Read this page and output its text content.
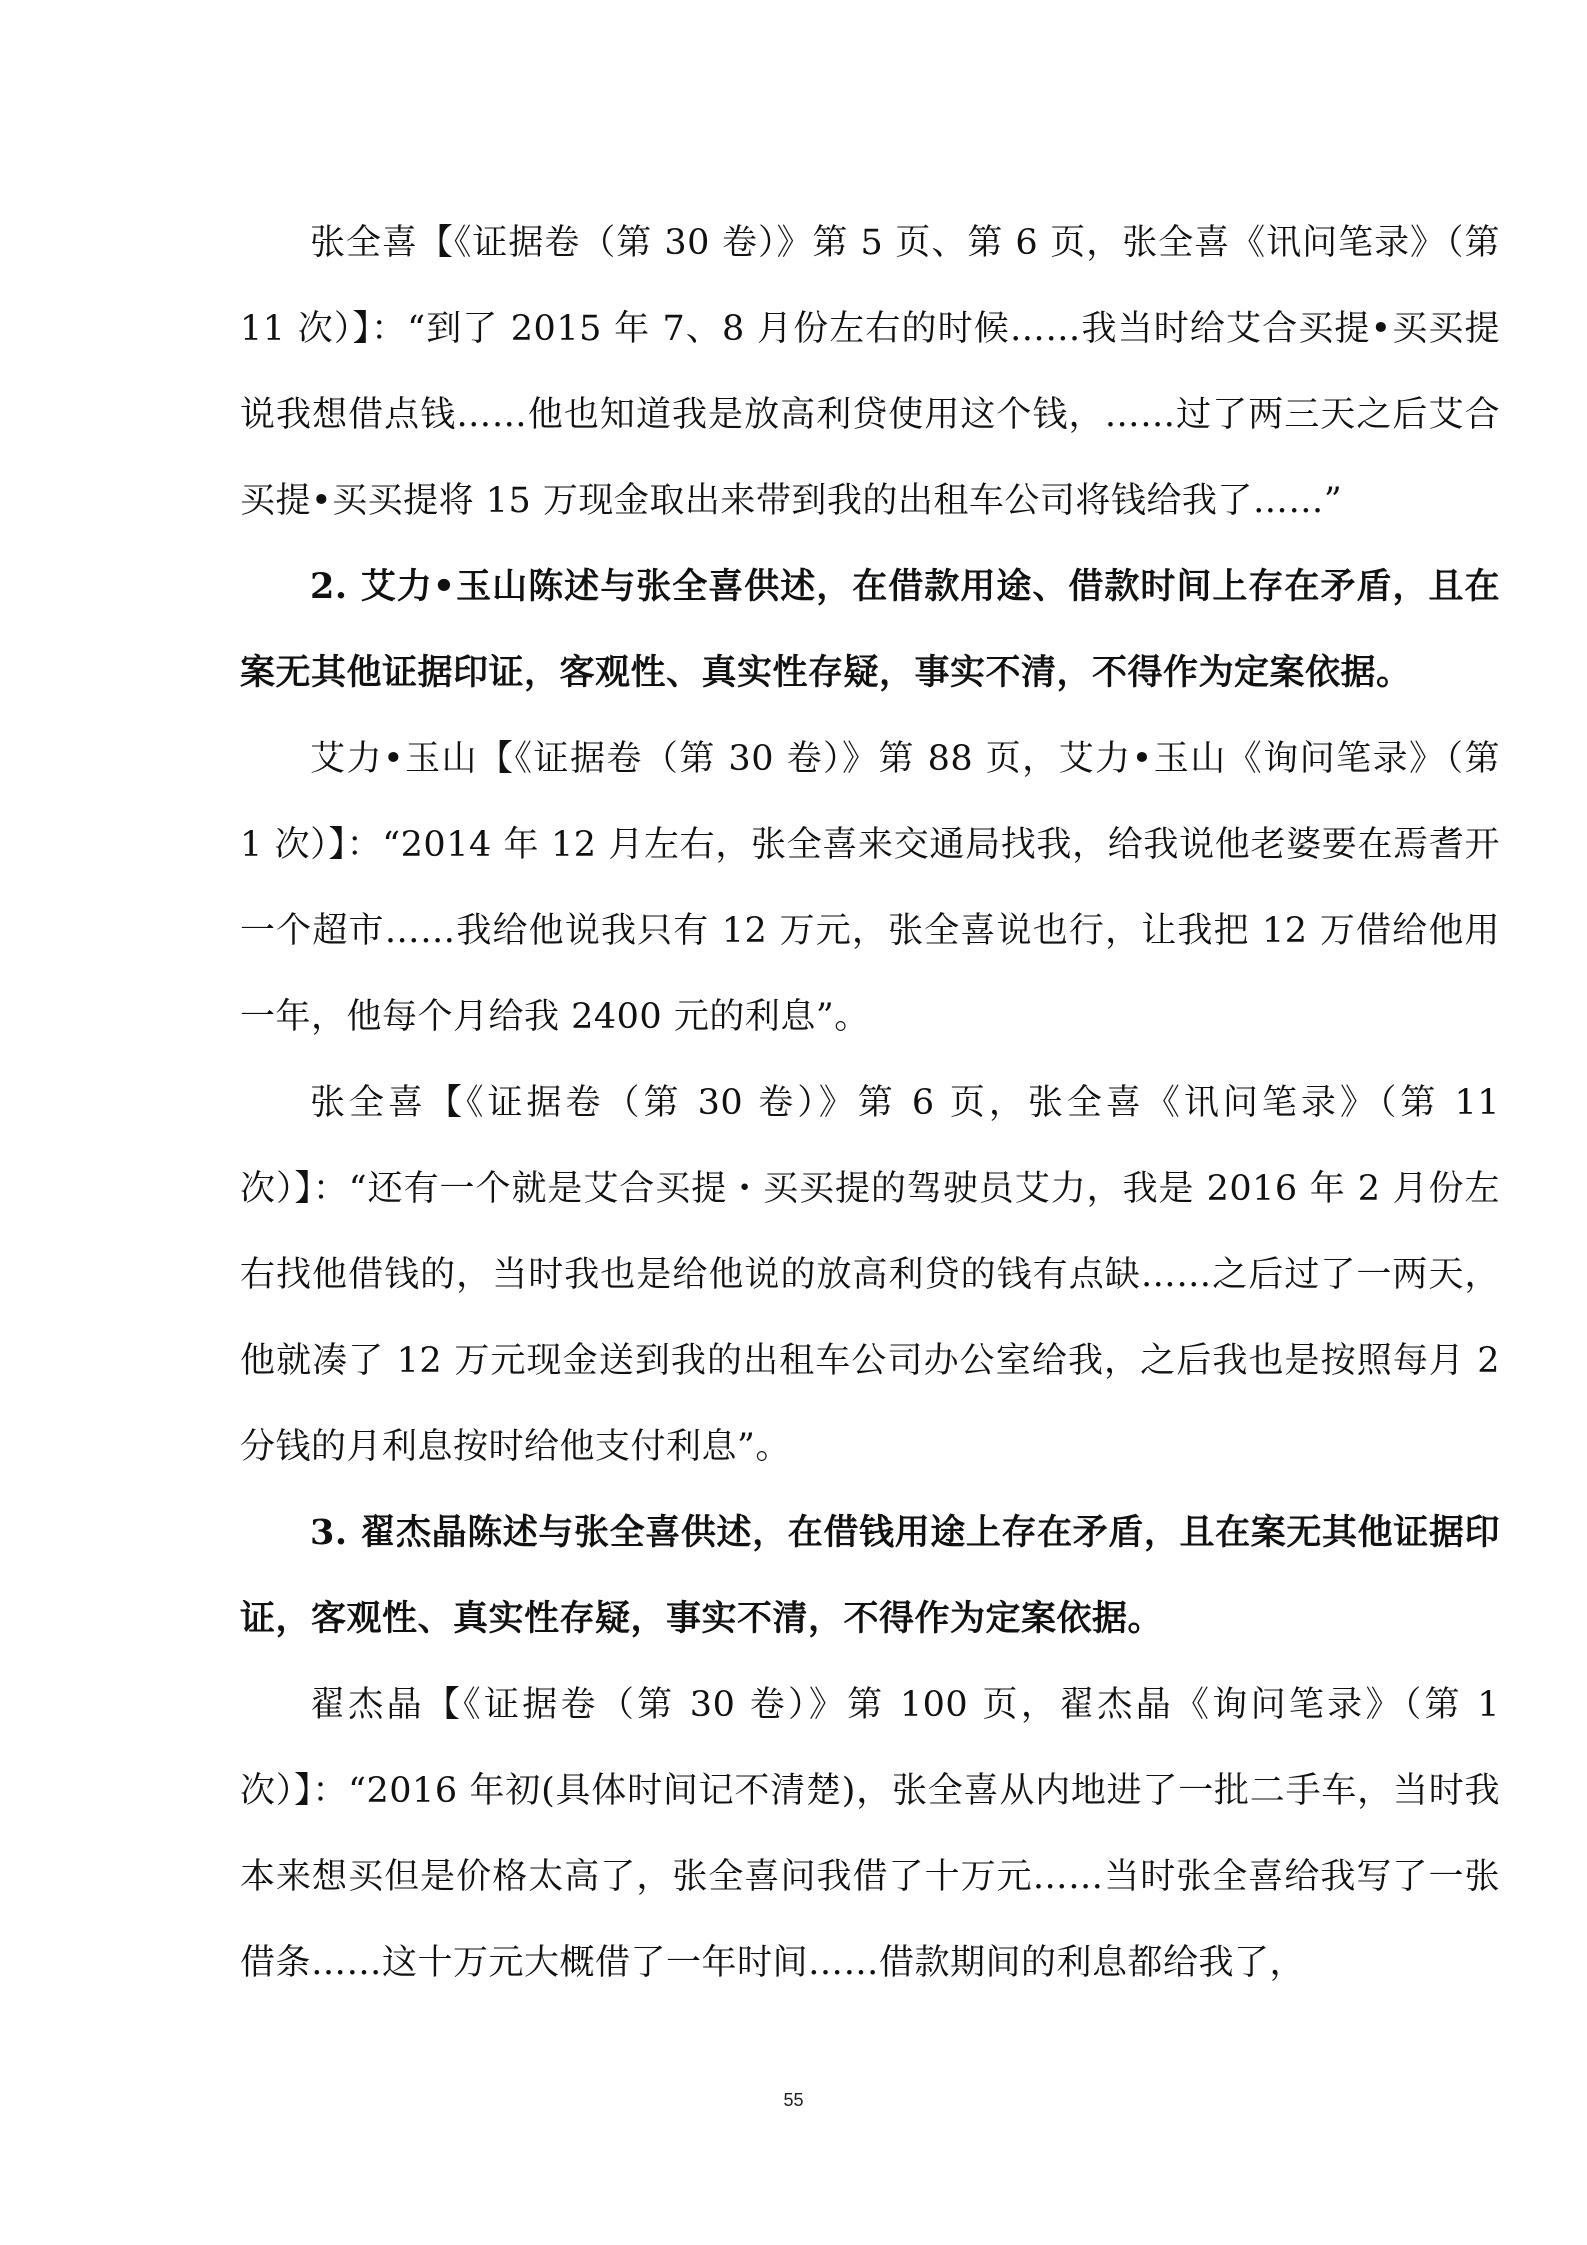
张全喜【《证据卷（第 30 卷）》第 5 页、第 6 页，张全喜《讯问笔录》（第 11 次）】：“到了 2015 年 7、8 月份左右的时候……我当时给艾合买提•买买提说我想借点钱……他也知道我是放高利贷使用这个钱，……过了两三天之后艾合买提•买买提将 15 万现金取出来带到我的出租车公司将钱给我了……”

2. 艾力•玉山陈述与张全喜供述，在借款用途、借款时间上存在矛盾，且在案无其他证据印证，客观性、真实性存疑，事实不清，不得作为定案依据。

艾力•玉山【《证据卷（第 30 卷）》第 88 页，艾力•玉山《询问笔录》（第 1 次）】：“2014 年 12 月左右，张全喜来交通局找我，给我说他老婆要在焉耆开一个超市……我给他说我只有 12 万元，张全喜说也行，让我把 12 万借给他用一年，他每个月给我 2400 元的利息”。

张全喜【《证据卷（第 30 卷）》第 6 页，张全喜《讯问笔录》（第 11 次）】：“还有一个就是艾合买提・买买提的驾驶员艾力，我是 2016 年 2 月份左右找他借钱的，当时我也是给他说的放高利贷的钱有点缺……之后过了一两天，他就凑了 12 万元现金送到我的出租车公司办公室给我，之后我也是按照每月 2 分钱的月利息按时给他支付利息”。

3. 翟杰晶陈述与张全喜供述，在借钱用途上存在矛盾，且在案无其他证据印证，客观性、真实性存疑，事实不清，不得作为定案依据。

翟杰晶【《证据卷（第 30 卷）》第 100 页，翟杰晶《询问笔录》（第 1 次）】：“2016 年初(具体时间记不清楚)，张全喜从内地进了一批二手车，当时我本来想买但是价格太高了，张全喜问我借了十万元……当时张全喜给我写了一张借条……这十万元大概借了一年时间……借款期间的利息都给我了，

55
